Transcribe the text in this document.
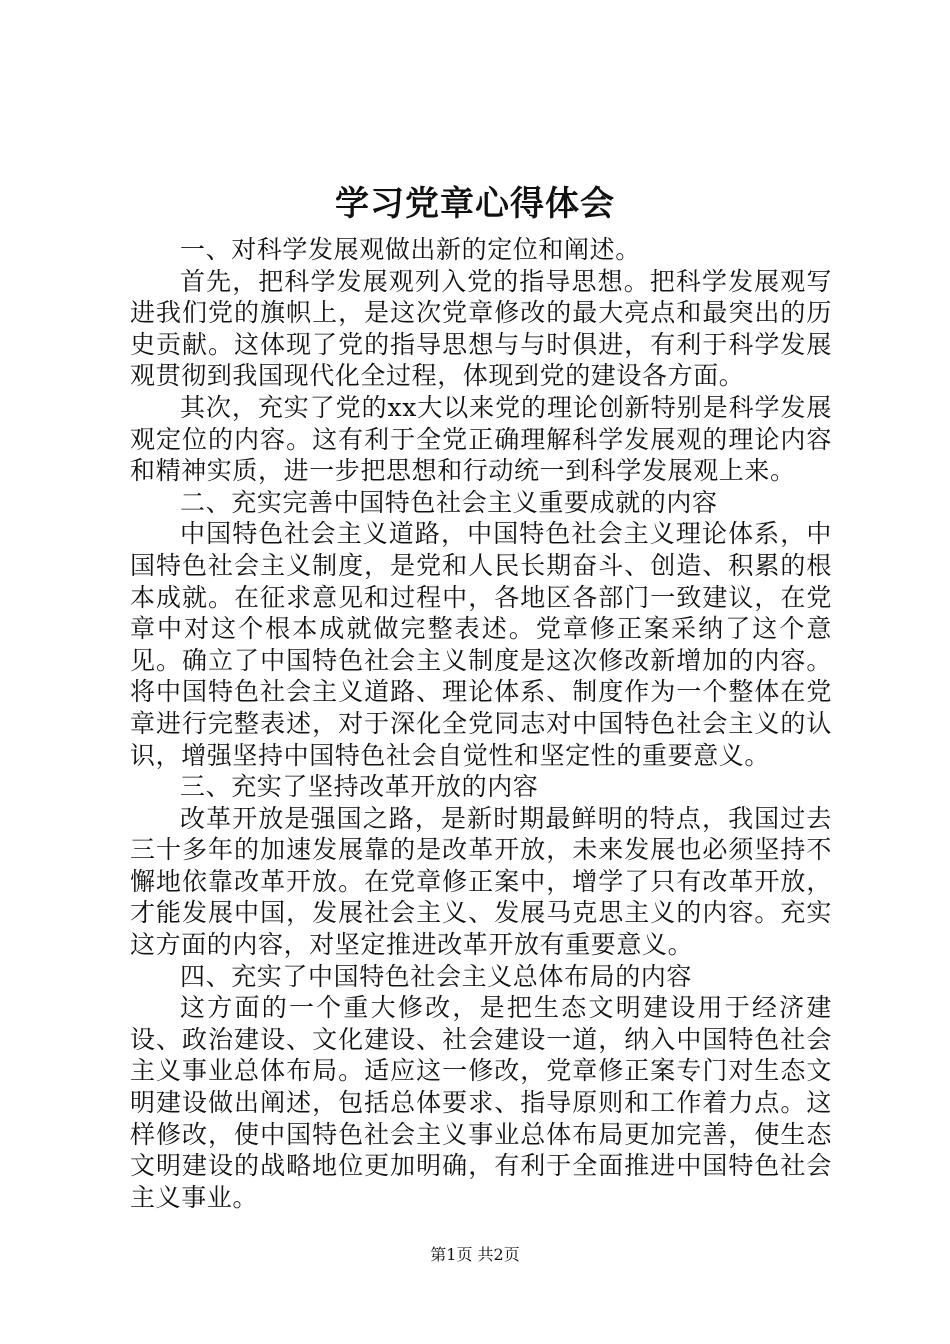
学习党章心得体会

一、对科学发展观做出新的定位和阐述。

首先，把科学发展观列入党的指导思想。把科学发展观写进我们党的旗帜上，是这次党章修改的最大亮点和最突出的历史贡献。这体现了党的指导思想与与时俱进，有利于科学发展观贯彻到我国现代化全过程，体现到党的建设各方面。

其次，充实了党的xx大以来党的理论创新特别是科学发展观定位的内容。这有利于全党正确理解科学发展观的理论内容和精神实质，进一步把思想和行动统一到科学发展观上来。

二、充实完善中国特色社会主义重要成就的内容

中国特色社会主义道路，中国特色社会主义理论体系，中国特色社会主义制度，是党和人民长期奋斗、创造、积累的根本成就。在征求意见和过程中，各地区各部门一致建议，在党章中对这个根本成就做完整表述。党章修正案采纳了这个意见。确立了中国特色社会主义制度是这次修改新增加的内容。将中国特色社会主义道路、理论体系、制度作为一个整体在党章进行完整表述，对于深化全党同志对中国特色社会主义的认识，增强坚持中国特色社会自觉性和坚定性的重要意义。

三、充实了坚持改革开放的内容

改革开放是强国之路，是新时期最鲜明的特点，我国过去三十多年的加速发展靠的是改革开放，未来发展也必须坚持不懈地依靠改革开放。在党章修正案中，增学了只有改革开放，才能发展中国，发展社会主义、发展马克思主义的内容。充实这方面的内容，对坚定推进改革开放有重要意义。

四、充实了中国特色社会主义总体布局的内容

这方面的一个重大修改，是把生态文明建设用于经济建设、政治建设、文化建设、社会建设一道，纳入中国特色社会主义事业总体布局。适应这一修改，党章修正案专门对生态文明建设做出阐述，包括总体要求、指导原则和工作着力点。这样修改，使中国特色社会主义事业总体布局更加完善，使生态文明建设的战略地位更加明确，有利于全面推进中国特色社会主义事业。

第1页 共2页
